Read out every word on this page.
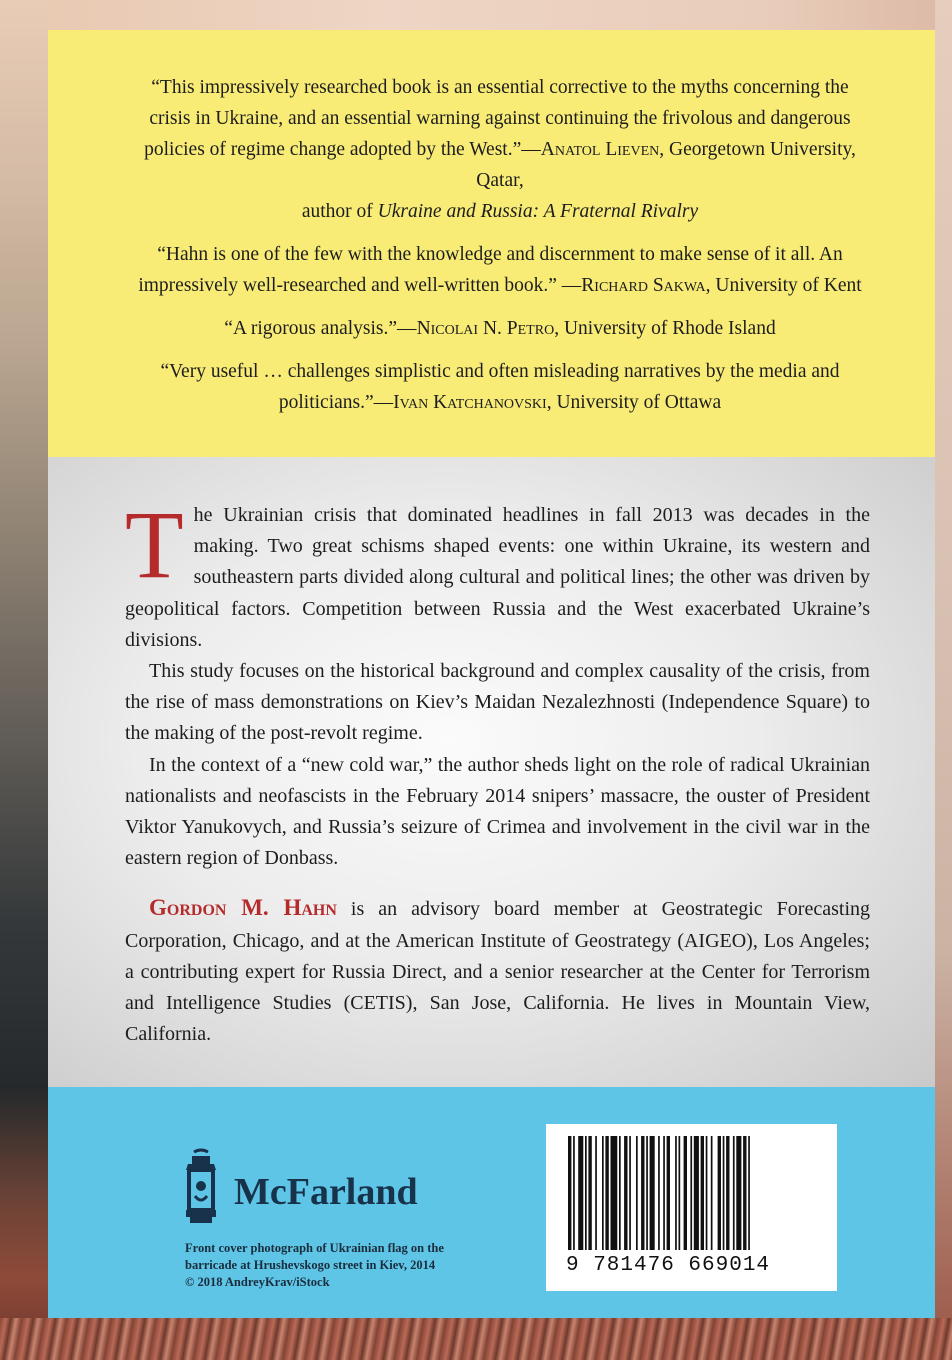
“This impressively researched book is an essential corrective to the myths concerning the crisis in Ukraine, and an essential warning against continuing the frivolous and dangerous policies of regime change adopted by the West.”—Anatol Lieven, Georgetown University, Qatar,
author of Ukraine and Russia: A Fraternal Rivalry

“Hahn is one of the few with the knowledge and discernment to make sense of it all. An impressively well-researched and well-written book.” —Richard Sakwa, University of Kent

“A rigorous analysis.”—Nicolai N. Petro, University of Rhode Island

“Very useful … challenges simplistic and often misleading narratives by the media and politicians.”—Ivan Katchanovski, University of Ottawa

The Ukrainian crisis that dominated headlines in fall 2013 was decades in the making. Two great schisms shaped events: one within Ukraine, its western and southeastern parts divided along cultural and political lines; the other was driven by geopolitical factors. Competition between Russia and the West exacerbated Ukraine’s divisions.

This study focuses on the historical background and complex causality of the crisis, from the rise of mass demonstrations on Kiev’s Maidan Nezalezhnosti (Independence Square) to the making of the post-revolt regime.

In the context of a “new cold war,” the author sheds light on the role of radical Ukrainian nationalists and neofascists in the February 2014 snipers’ massacre, the ouster of President Viktor Yanukovych, and Russia’s seizure of Crimea and involvement in the civil war in the eastern region of Donbass.

Gordon M. Hahn is an advisory board member at Geostrategic Forecasting Corporation, Chicago, and at the American Institute of Geostrategy (AIGEO), Los Angeles; a contributing expert for Russia Direct, and a senior researcher at the Center for Terrorism and Intelligence Studies (CETIS), San Jose, California. He lives in Mountain View, California.

McFarland
Front cover photograph of Ukrainian flag on the barricade at Hrushevskogo street in Kiev, 2014 © 2018 AndreyKrav/iStock
9 781476 669014
